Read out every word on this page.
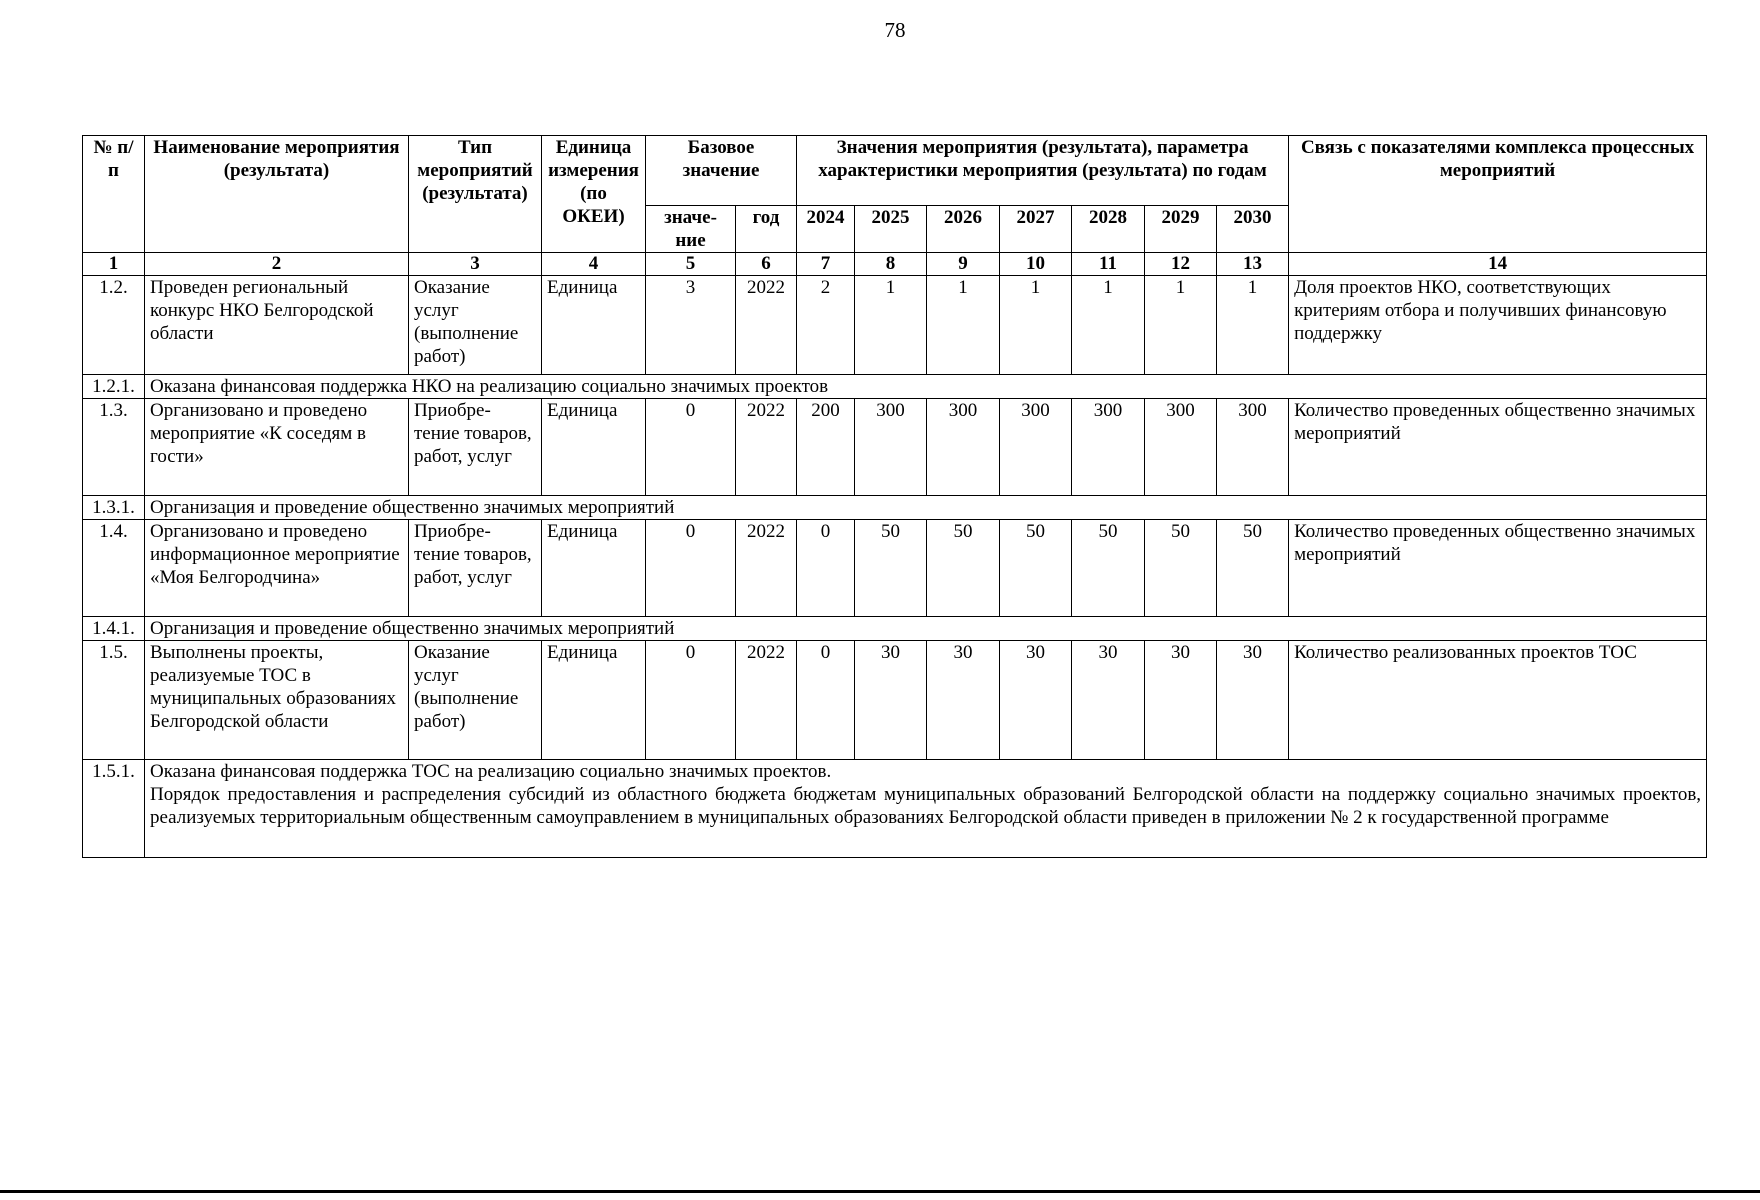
78
№ п/п	Наименование мероприятия (результата)	Тип мероприятий (результата)	Единица измерения (по ОКЕИ)	Базовое значение		Значения мероприятия (результата), параметра характеристики мероприятия (результата) по годам							Связь с показателями комплекса процессных мероприятий
				значе-ние	год	2024	2025	2026	2027	2028	2029	2030	
1	2	3	4	5	6	7	8	9	10	11	12	13	14
1.2.	Проведен региональный конкурс НКО Белгородской области	Оказание услуг (выполнение работ)	Единица	3	2022	2	1	1	1	1	1	1	Доля проектов НКО, соответствующих критериям отбора и получивших финансовую поддержку
1.2.1.	Оказана финансовая поддержка НКО на реализацию социально значимых проектов												
1.3.	Организовано и проведено мероприятие «К соседям в гости»	Приобре-тение товаров, работ, услуг	Единица	0	2022	200	300	300	300	300	300	300	Количество проведенных общественно значимых мероприятий
1.3.1.	Организация и проведение общественно значимых мероприятий												
1.4.	Организовано и проведено информационное мероприятие «Моя Белгородчина»	Приобре-тение товаров, работ, услуг	Единица	0	2022	0	50	50	50	50	50	50	Количество проведенных общественно значимых мероприятий
1.4.1.	Организация и проведение общественно значимых мероприятий												
1.5.	Выполнены проекты, реализуемые ТОС в муниципальных образованиях Белгородской области	Оказание услуг (выполнение работ)	Единица	0	2022	0	30	30	30	30	30	30	Количество реализованных проектов ТОС
1.5.1.	Оказана финансовая поддержка ТОС на реализацию социально значимых проектов.
Порядок предоставления и распределения субсидий из областного бюджета бюджетам муниципальных образований Белгородской области на поддержку социально значимых проектов, реализуемых территориальным общественным самоуправлением в муниципальных образованиях Белгородской области приведен в приложении № 2 к государственной программе												
